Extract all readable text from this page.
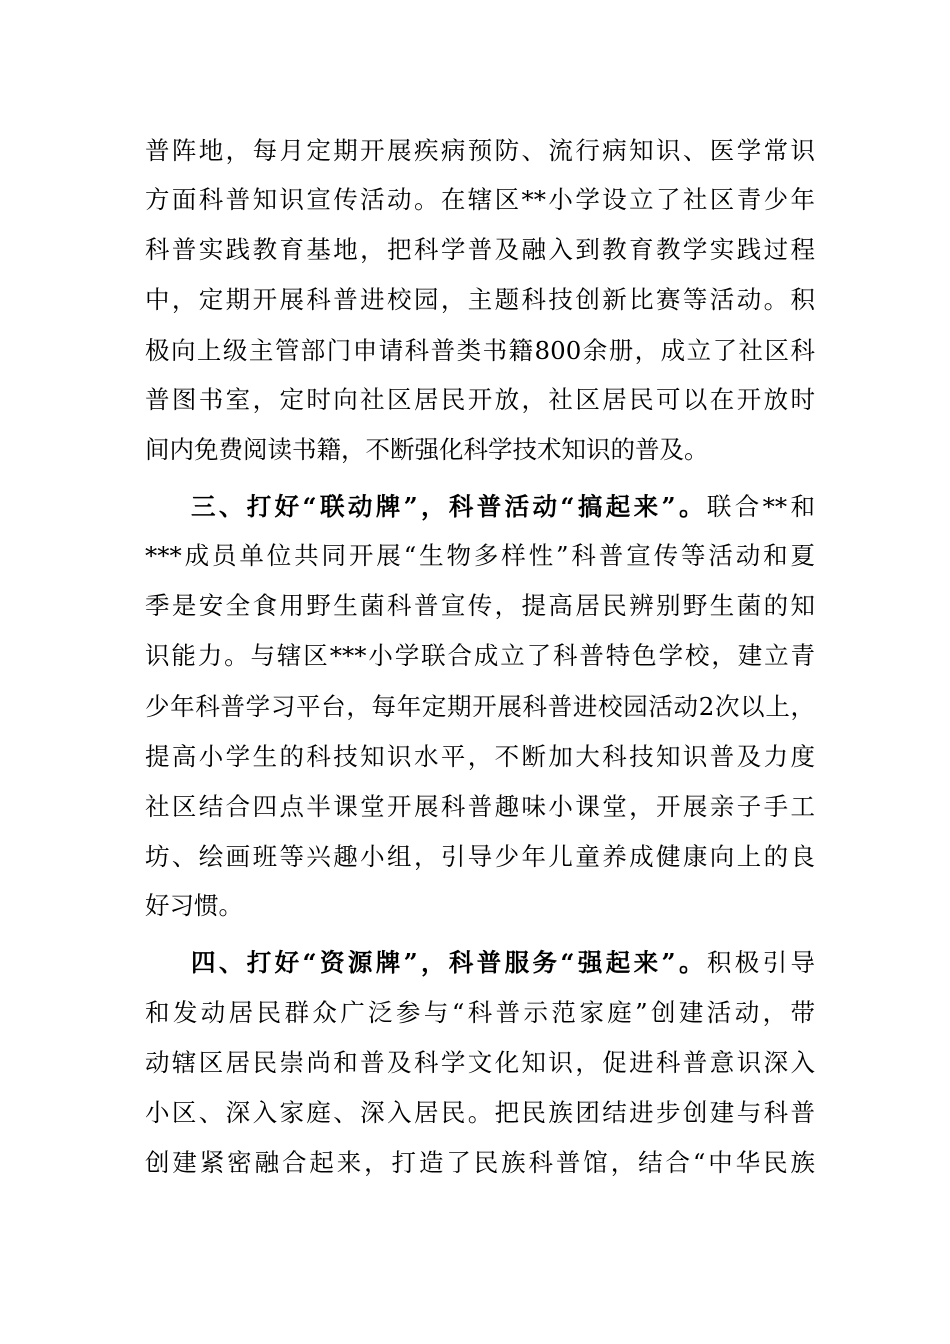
普阵地，每月定期开展疾病预防、流行病知识、医学常识
方面科普知识宣传活动。在辖区**小学设立了社区青少年
科普实践教育基地，把科学普及融入到教育教学实践过程
中，定期开展科普进校园，主题科技创新比赛等活动。积
极向上级主管部门申请科普类书籍800余册，成立了社区科
普图书室，定时向社区居民开放，社区居民可以在开放时
间内免费阅读书籍，不断强化科学技术知识的普及。
三、打好“联动牌”，科普活动“搞起来”。联合**和
***成员单位共同开展“生物多样性”科普宣传等活动和夏
季是安全食用野生菌科普宣传，提高居民辨别野生菌的知
识能力。与辖区***小学联合成立了科普特色学校，建立青
少年科普学习平台，每年定期开展科普进校园活动2次以上，
提高小学生的科技知识水平，不断加大科技知识普及力度
社区结合四点半课堂开展科普趣味小课堂，开展亲子手工
坊、绘画班等兴趣小组，引导少年儿童养成健康向上的良
好习惯。
四、打好“资源牌”，科普服务“强起来”。积极引导
和发动居民群众广泛参与“科普示范家庭”创建活动，带
动辖区居民崇尚和普及科学文化知识，促进科普意识深入
小区、深入家庭、深入居民。把民族团结进步创建与科普
创建紧密融合起来，打造了民族科普馆，结合“中华民族
